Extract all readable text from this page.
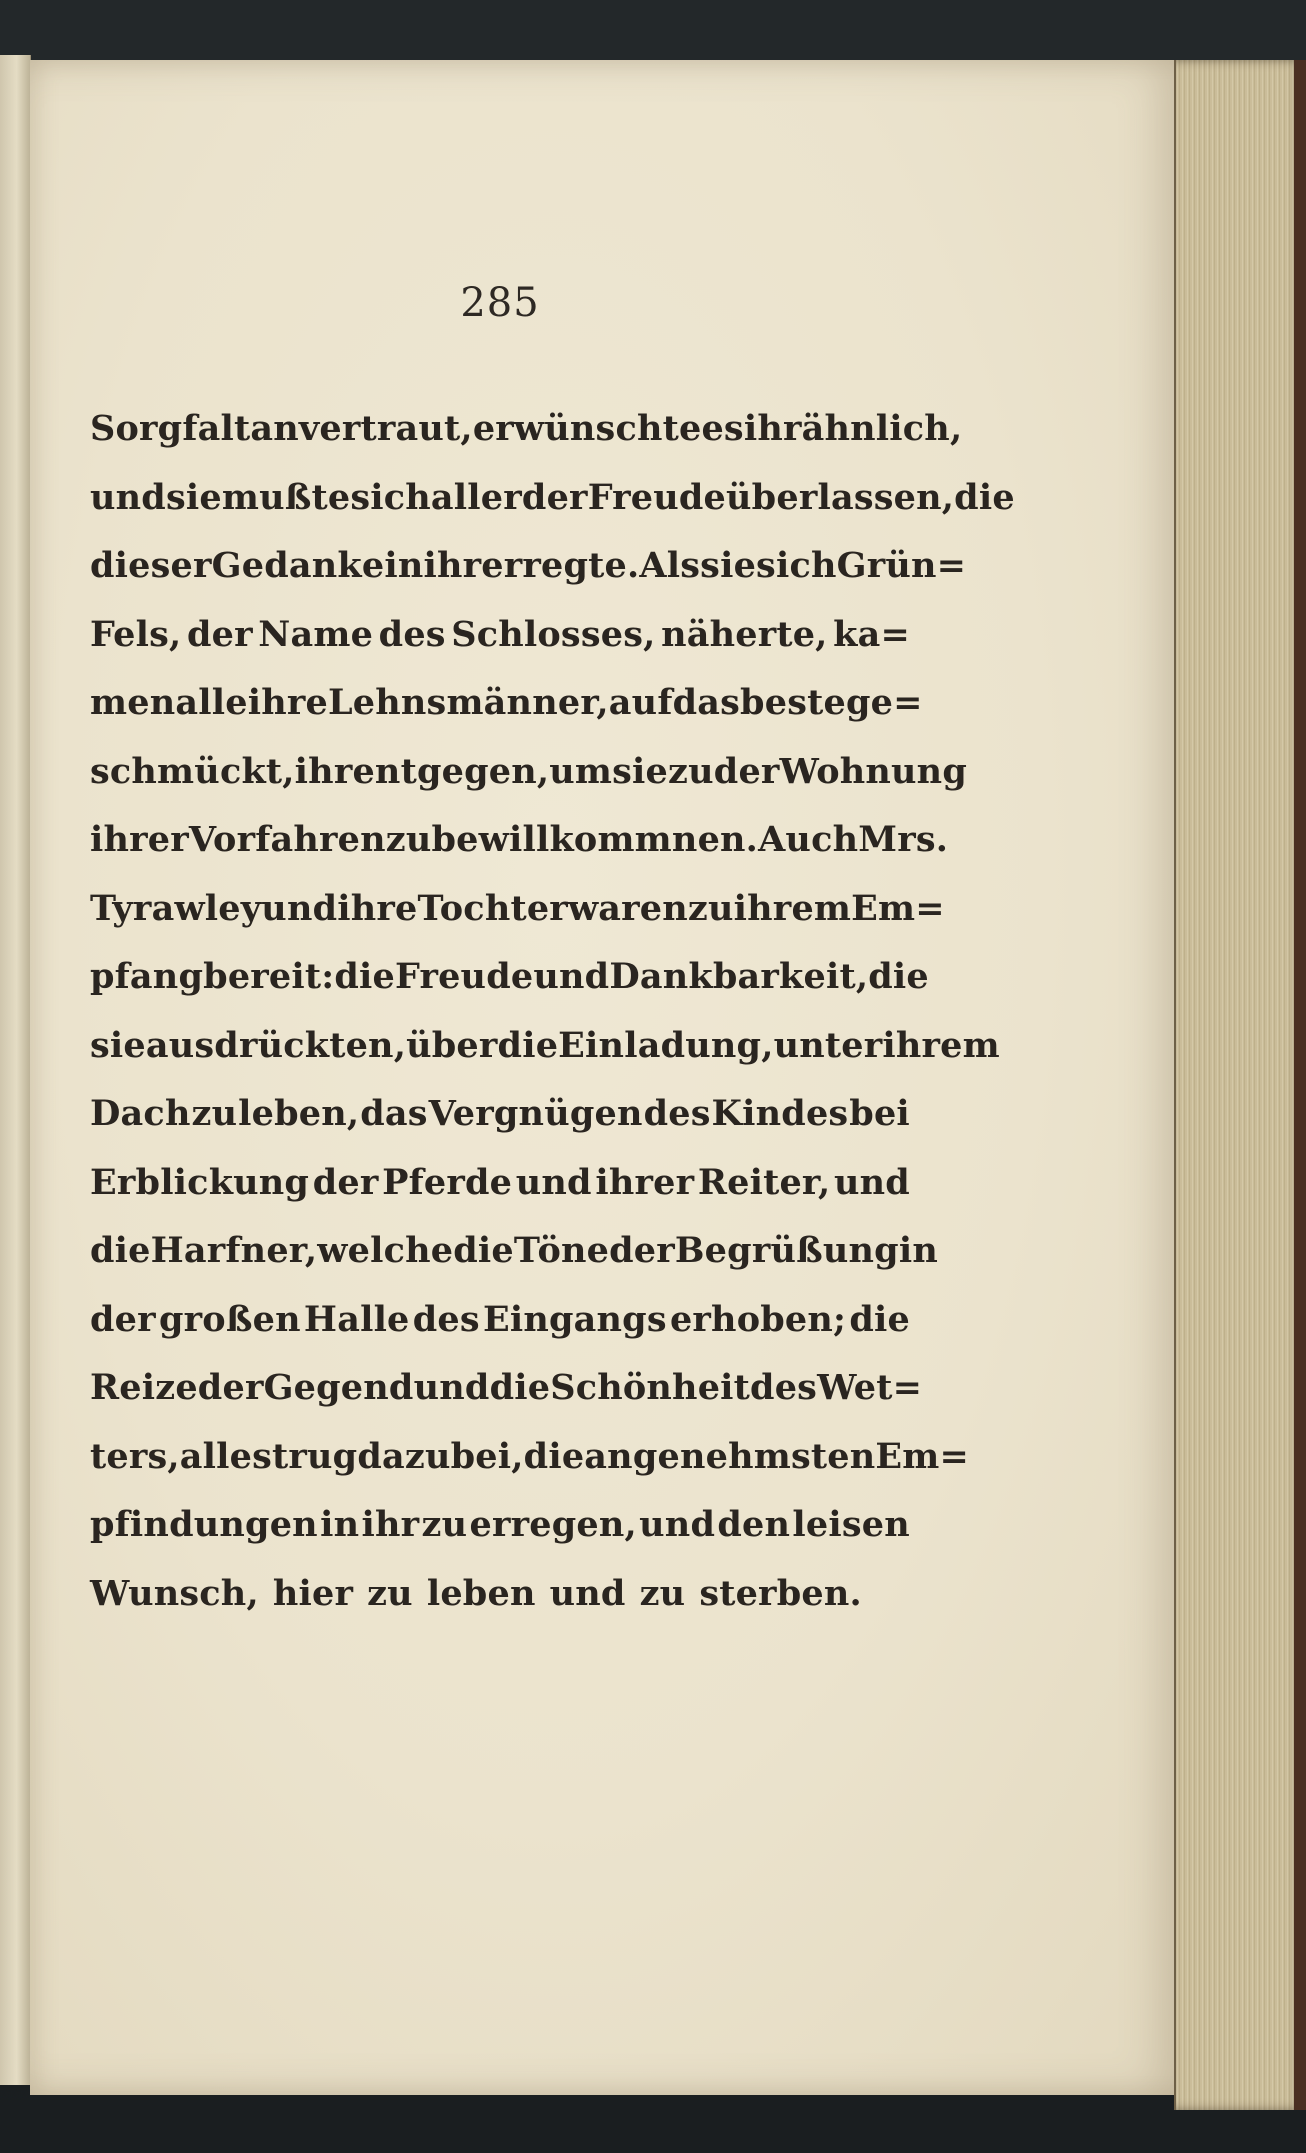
285
Sorgfalt anvertraut, er wünschte es ihr ähnlich,
und sie mußte sich aller der Freude überlassen, die
dieser Gedanke in ihr erregte. Als sie sich Grün=
Fels, der Name des Schlosses, näherte, ka=
men alle ihre Lehnsmänner, auf das beste ge=
schmückt, ihr entgegen, um sie zu der Wohnung
ihrer Vorfahren zu bewillkommnen. Auch Mrs.
Tyrawley und ihre Tochter waren zu ihrem Em=
pfang bereit: die Freude und Dankbarkeit, die
sie ausdrückten, über die Einladung, unter ihrem
Dach zu leben, das Vergnügen des Kindes bei
Erblickung der Pferde und ihrer Reiter, und
die Harfner, welche die Töne der Begrüßung in
der großen Halle des Eingangs erhoben; die
Reize der Gegend und die Schönheit des Wet=
ters, alles trug dazu bei, die angenehmsten Em=
pfindungen in ihr zu erregen, und den leisen
Wunsch, hier zu leben und zu sterben.
